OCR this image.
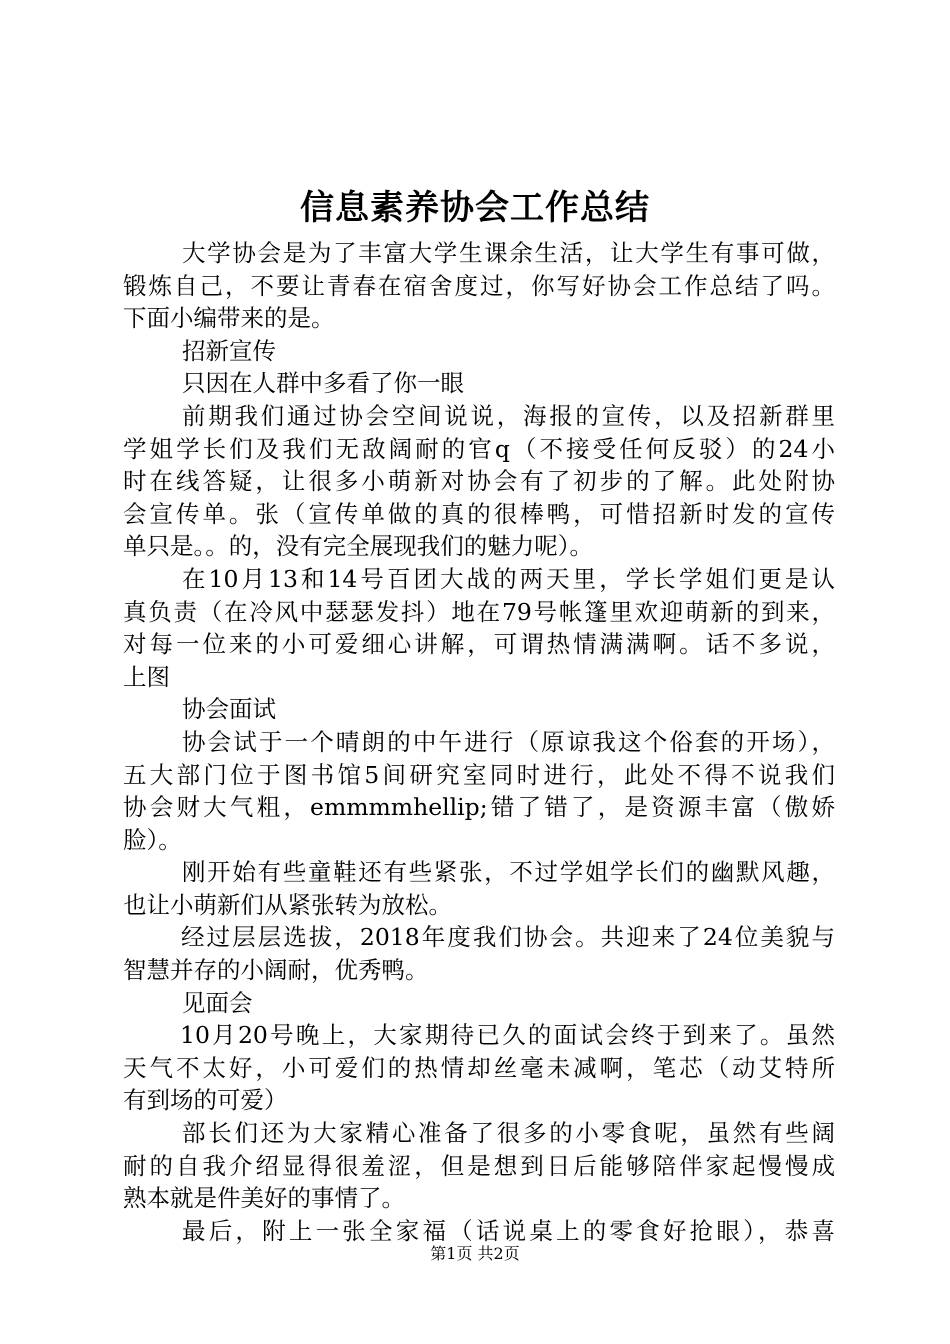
信息素养协会工作总结
大学协会是为了丰富大学生课余生活，让大学生有事可做，
锻炼自己，不要让青春在宿舍度过，你写好协会工作总结了吗。
下面小编带来的是。
招新宣传
只因在人群中多看了你一眼
前期我们通过协会空间说说，海报的宣传，以及招新群里
学姐学长们及我们无敌阔耐的官q（不接受任何反驳）的24小
时在线答疑，让很多小萌新对协会有了初步的了解。此处附协
会宣传单。张（宣传单做的真的很棒鸭，可惜招新时发的宣传
单只是。。的，没有完全展现我们的魅力呢）。
在10月13和14号百团大战的两天里，学长学姐们更是认
真负责（在冷风中瑟瑟发抖）地在79号帐篷里欢迎萌新的到来，
对每一位来的小可爱细心讲解，可谓热情满满啊。话不多说，
上图
协会面试
协会试于一个晴朗的中午进行（原谅我这个俗套的开场），
五大部门位于图书馆5间研究室同时进行，此处不得不说我们
协会财大气粗，emmmmhellip;错了错了，是资源丰富（傲娇
脸）。
刚开始有些童鞋还有些紧张，不过学姐学长们的幽默风趣，
也让小萌新们从紧张转为放松。
经过层层选拔，2018年度我们协会。共迎来了24位美貌与
智慧并存的小阔耐，优秀鸭。
见面会
10月20号晚上，大家期待已久的面试会终于到来了。虽然
天气不太好，小可爱们的热情却丝毫未减啊，笔芯（动艾特所
有到场的可爱）
部长们还为大家精心准备了很多的小零食呢，虽然有些阔
耐的自我介绍显得很羞涩，但是想到日后能够陪伴家起慢慢成
熟本就是件美好的事情了。
最后，附上一张全家福（话说桌上的零食好抢眼），恭喜
第1页 共2页
